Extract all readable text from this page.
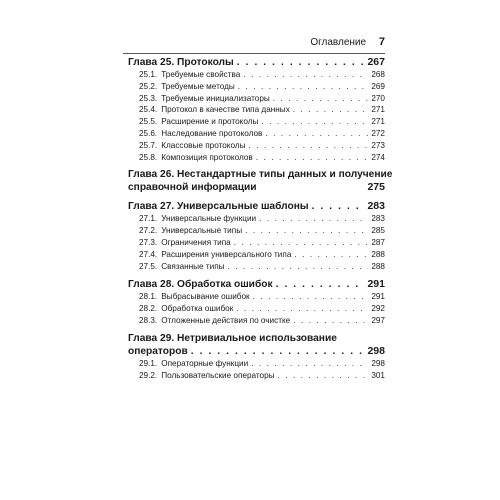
Оглавление 7
Глава 25. Протоколы . . .	267
25.1. Требуемые свойства . . .	268
25.2. Требуемые методы . . .	269
25.3. Требуемые инициализаторы . . .	270
25.4. Протокол в качестве типа данных . . .	271
25.5. Расширение и протоколы . . .	271
25.6. Наследование протоколов . . .	272
25.7. Классовые протоколы . . .	273
25.8. Композиция протоколов . . .	274
Глава 26. Нестандартные типы данных и получение
справочной информации	275
Глава 27. Универсальные шаблоны . . .	283
27.1. Универсальные функции . . .	283
27.2. Универсальные типы . . .	285
27.3. Ограничения типа . . .	287
27.4. Расширения универсального типа . . .	288
27.5. Связанные типы . . .	288
Глава 28. Обработка ошибок . . .	291
28.1. Выбрасывание ошибок . . .	291
28.2. Обработка ошибок . . .	292
28.3. Отложенные действия по очистке . . .	297
Глава 29. Нетривиальное использование
операторов . . .	298
29.1. Операторные функции . . .	298
29.2. Пользовательские операторы . . .	301
